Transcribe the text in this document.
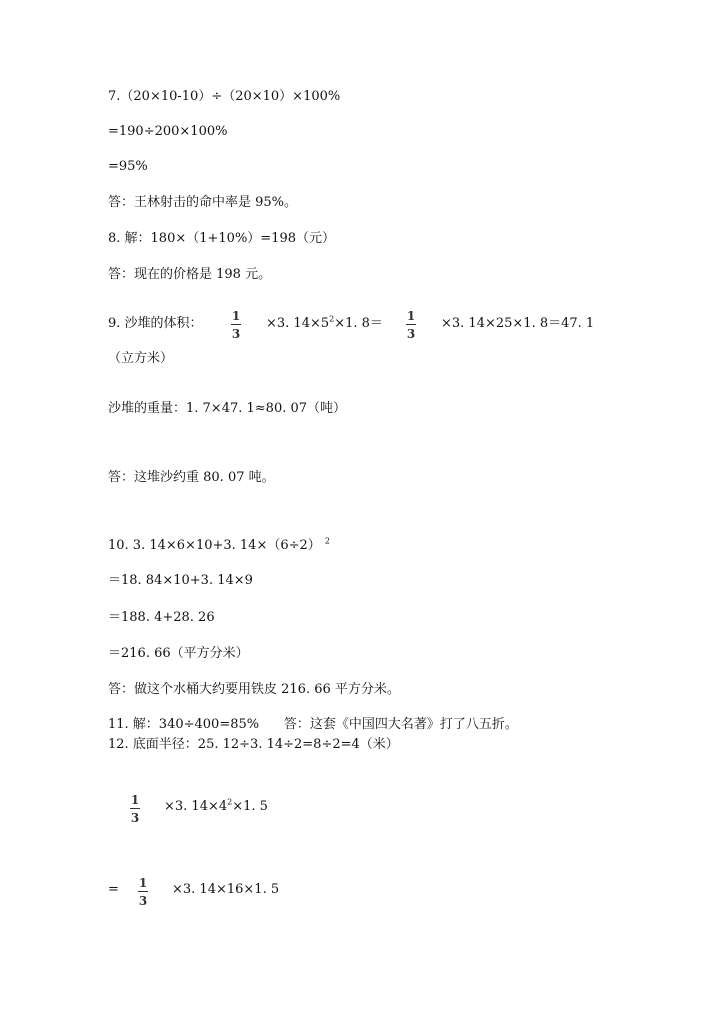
7.（20×10-10）÷（20×10）×100%
=190÷200×100%
=95%
答：王林射击的命中率是 95%。
8. 解：180×（1+10%）=198（元）
答：现在的价格是 198 元。
9. 沙堆的体积： 1
3
×3. $14\times 5^2\times 1$. 8＝ 1
3
×3. 14×25×1. 8＝47. 1
（立方米）
沙堆的重量：1. 7×47. 1≈80. 07（吨）
答：这堆沙约重 80. 07 吨。
10. 3. 14×6×10+3. 14×（6÷2） $^2$
＝18. 84×10+3. 14×9
＝188. 4+28. 26
＝216. 66（平方分米）
答：做这个水桶大约要用铁皮 216. 66 平方分米。
11. 解：340÷400=85%      答：这套《中国四大名著》打了八五折。
12. 底面半径：25. 12÷3. 14÷2=8÷2=4（米）
1
3
×3. $14\times 4^2\times 1$. 5
= 1
3
×3. 14×16×1. 5
